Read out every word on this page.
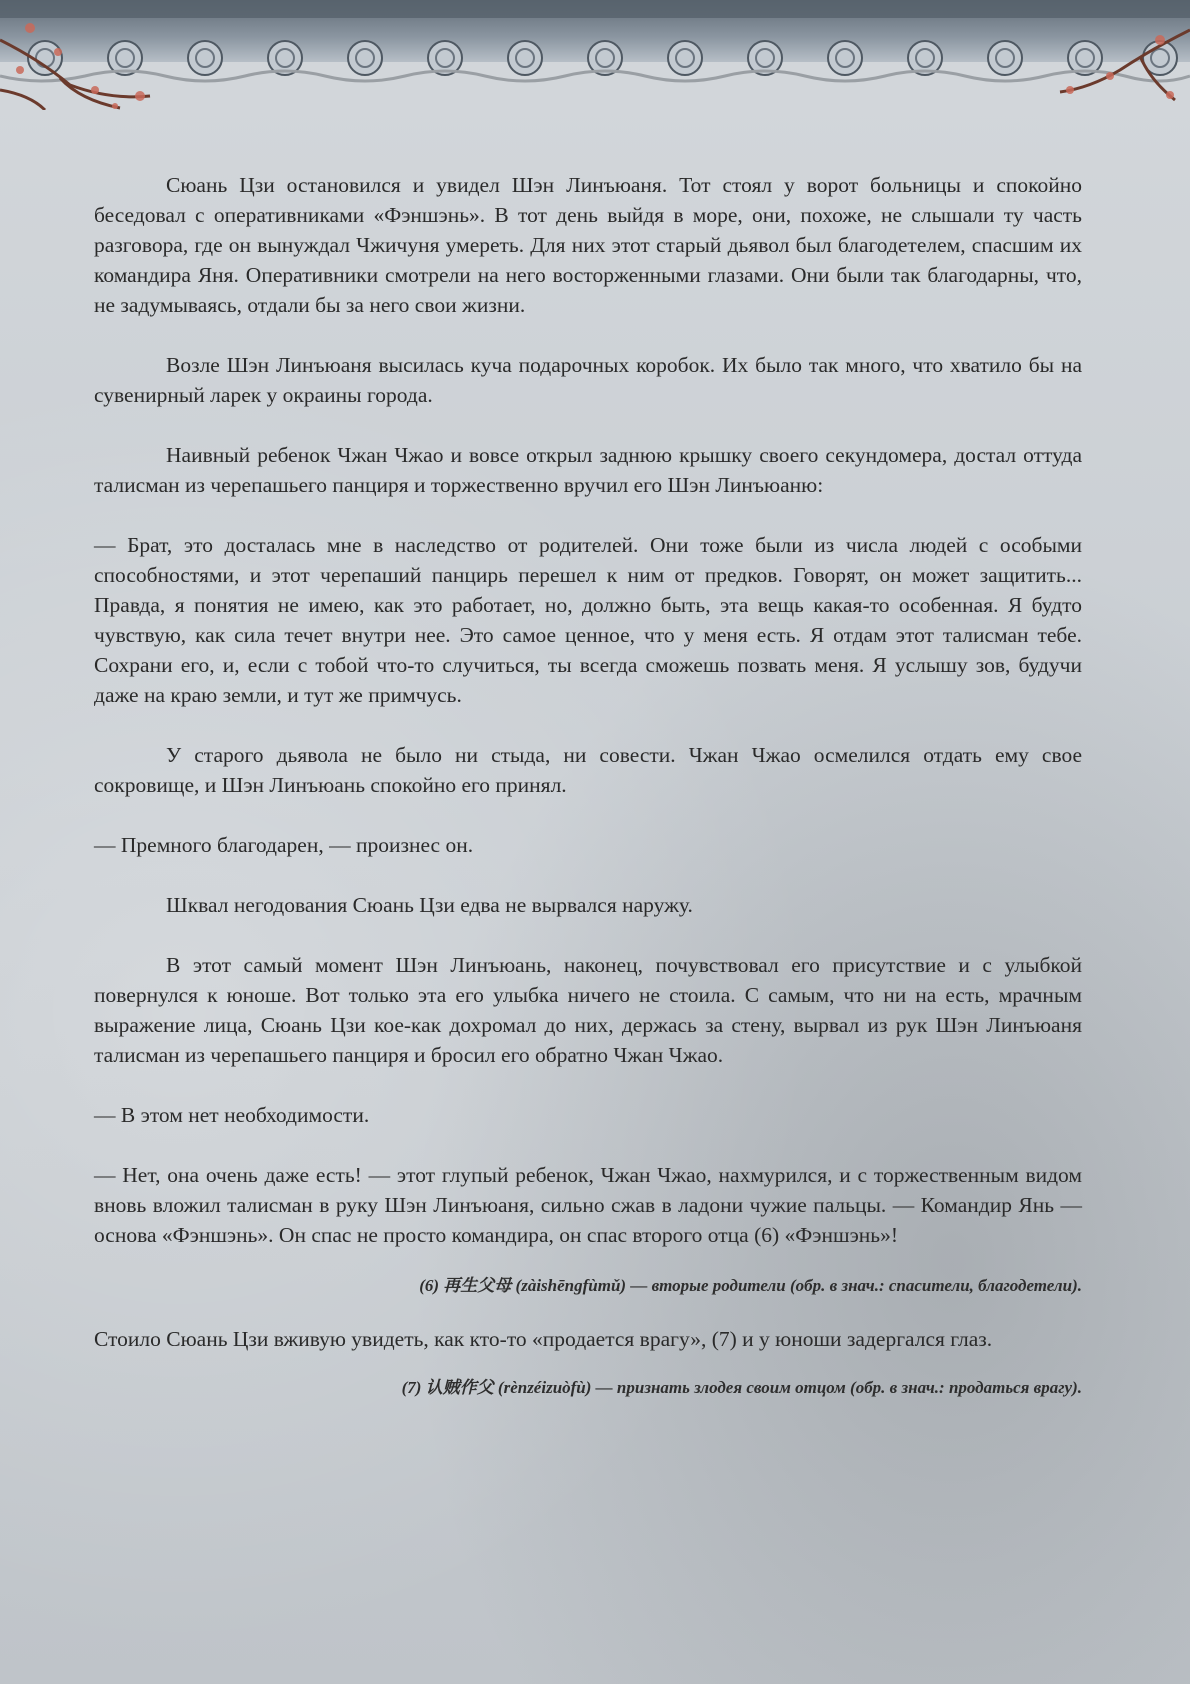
Сюань Цзи остановился и увидел Шэн Линъюаня. Тот стоял у ворот больницы и спокойно беседовал с оперативниками «Фэншэнь». В тот день выйдя в море, они, похоже, не слышали ту часть разговора, где он вынуждал Чжичуня умереть. Для них этот старый дьявол был благодетелем, спасшим их командира Яня. Оперативники смотрели на него восторженными глазами. Они были так благодарны, что, не задумываясь, отдали бы за него свои жизни.

Возле Шэн Линъюаня высилась куча подарочных коробок. Их было так много, что хватило бы на сувенирный ларек у окраины города.

Наивный ребенок Чжан Чжао и вовсе открыл заднюю крышку своего секундомера, достал оттуда талисман из черепашьего панциря и торжественно вручил его Шэн Линъюаню:

— Брат, это досталась мне в наследство от родителей. Они тоже были из числа людей с особыми способностями, и этот черепаший панцирь перешел к ним от предков. Говорят, он может защитить... Правда, я понятия не имею, как это работает, но, должно быть, эта вещь какая-то особенная. Я будто чувствую, как сила течет внутри нее. Это самое ценное, что у меня есть. Я отдам этот талисман тебе. Сохрани его, и, если с тобой что-то случиться, ты всегда сможешь позвать меня. Я услышу зов, будучи даже на краю земли, и тут же примчусь.

У старого дьявола не было ни стыда, ни совести. Чжан Чжао осмелился отдать ему свое сокровище, и Шэн Линъюань спокойно его принял.

— Премного благодарен, — произнес он.

Шквал негодования Сюань Цзи едва не вырвался наружу.

В этот самый момент Шэн Линъюань, наконец, почувствовал его присутствие и с улыбкой повернулся к юноше. Вот только эта его улыбка ничего не стоила. С самым, что ни на есть, мрачным выражение лица, Сюань Цзи кое-как дохромал до них, держась за стену, вырвал из рук Шэн Линъюаня талисман из черепашьего панциря и бросил его обратно Чжан Чжао.

— В этом нет необходимости.

— Нет, она очень даже есть! — этот глупый ребенок, Чжан Чжао, нахмурился, и с торжественным видом вновь вложил талисман в руку Шэн Линъюаня, сильно сжав в ладони чужие пальцы. — Командир Янь — основа «Фэншэнь». Он спас не просто командира, он спас второго отца (6) «Фэншэнь»!

(6) 再生父母 (zàishēngfùmǔ) — вторые родители (обр. в знач.: спасители, благодетели).

Стоило Сюань Цзи вживую увидеть, как кто-то «продается врагу», (7) и у юноши задергался глаз.

(7) 认贼作父 (rènzéizuòfù) — признать злодея своим отцом (обр. в знач.: продаться врагу).
